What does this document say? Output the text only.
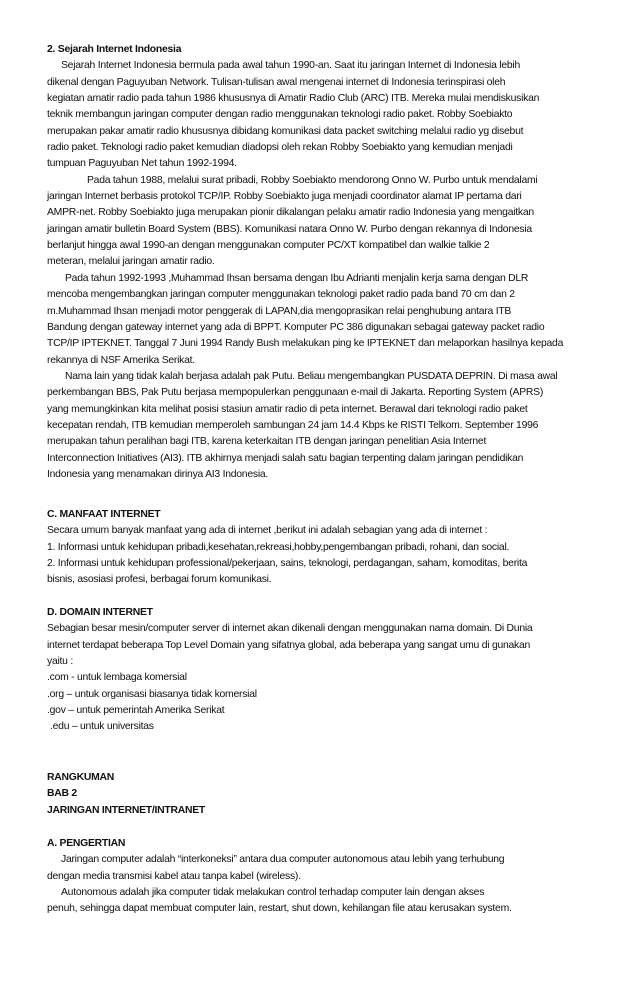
2. Sejarah Internet Indonesia

Sejarah Internet Indonesia bermula pada awal tahun 1990-an. Saat itu jaringan Internet di Indonesia lebih

dikenal dengan Paguyuban Network. Tulisan-tulisan awal mengenai internet di Indonesia terinspirasi oleh

kegiatan amatir radio pada tahun 1986 khususnya di Amatir Radio Club (ARC) ITB. Mereka mulai mendiskusikan

teknik membangun jaringan computer dengan radio menggunakan teknologi radio paket. Robby Soebiakto

merupakan pakar amatir radio khususnya dibidang komunikasi data packet switching melalui radio yg disebut

radio paket. Teknologi radio paket kemudian diadopsi oleh rekan Robby Soebiakto yang kemudian menjadi

tumpuan Paguyuban Net tahun 1992-1994.

Pada tahun 1988, melalui surat pribadi, Robby Soebiakto mendorong Onno W. Purbo untuk mendalami

jaringan Internet berbasis protokol TCP/IP. Robby Soebiakto juga menjadi coordinator alamat IP pertama dari

AMPR-net. Robby Soebiakto juga merupakan pionir dikalangan pelaku amatir radio Indonesia yang mengaitkan

jaringan amatir bulletin Board System (BBS). Komunikasi natara Onno W. Purbo dengan rekannya di Indonesia

berlanjut hingga awal 1990-an dengan menggunakan computer PC/XT kompatibel dan walkie talkie 2

meteran, melalui jaringan amatir radio.

Pada tahun 1992-1993 ,Muhammad Ihsan bersama dengan Ibu Adrianti menjalin kerja sama dengan DLR

mencoba mengembangkan jaringan computer menggunakan teknologi paket radio pada band 70 cm dan 2

m.Muhammad Ihsan menjadi motor penggerak di LAPAN,dia mengoprasikan relai penghubung antara ITB

Bandung dengan gateway internet yang ada di BPPT. Komputer PC 386 digunakan sebagai gateway packet radio

TCP/IP IPTEKNET. Tanggal 7 Juni 1994 Randy Bush melakukan ping ke IPTEKNET dan melaporkan hasilnya kepada

rekannya di NSF Amerika Serikat.

Nama lain yang tidak kalah berjasa adalah pak Putu. Beliau mengembangkan PUSDATA DEPRIN. Di masa awal

perkembangan BBS, Pak Putu berjasa mempopulerkan penggunaan e-mail di Jakarta. Reporting System (APRS)

yang memungkinkan kita melihat posisi stasiun amatir radio di peta internet. Berawal dari teknologi radio paket

kecepatan rendah, ITB kemudian memperoleh sambungan 24 jam 14.4 Kbps ke RISTI Telkom. September 1996

merupakan tahun peralihan bagi ITB, karena keterkaitan ITB dengan jaringan penelitian Asia Internet

Interconnection Initiatives (AI3). ITB akhirnya menjadi salah satu bagian terpenting dalam jaringan pendidikan

Indonesia yang menamakan dirinya AI3 Indonesia.

C. MANFAAT INTERNET

Secara umum banyak manfaat yang ada di internet ,berikut ini adalah sebagian yang ada di internet :

1. Informasi untuk kehidupan pribadi,kesehatan,rekreasi,hobby,pengembangan pribadi, rohani, dan social.

2. Informasi untuk kehidupan professional/pekerjaan, sains, teknologi, perdagangan, saham, komoditas, berita

bisnis, asosiasi profesi, berbagai forum komunikasi.

D. DOMAIN INTERNET

Sebagian besar mesin/computer server di internet akan dikenali dengan menggunakan nama domain. Di Dunia

internet terdapat beberapa Top Level Domain yang sifatnya global, ada beberapa yang sangat umu di gunakan

yaitu :

.com - untuk lembaga komersial

.org – untuk organisasi biasanya tidak komersial

.gov – untuk pemerintah Amerika Serikat

.edu – untuk universitas

RANGKUMAN

BAB 2

JARINGAN INTERNET/INTRANET

A. PENGERTIAN

Jaringan computer adalah “interkoneksi” antara dua computer autonomous atau lebih yang terhubung

dengan media transmisi kabel atau tanpa kabel (wireless).

Autonomous adalah jika computer tidak melakukan control terhadap computer lain dengan akses

penuh, sehingga dapat membuat computer lain, restart, shut down, kehilangan file atau kerusakan system.
